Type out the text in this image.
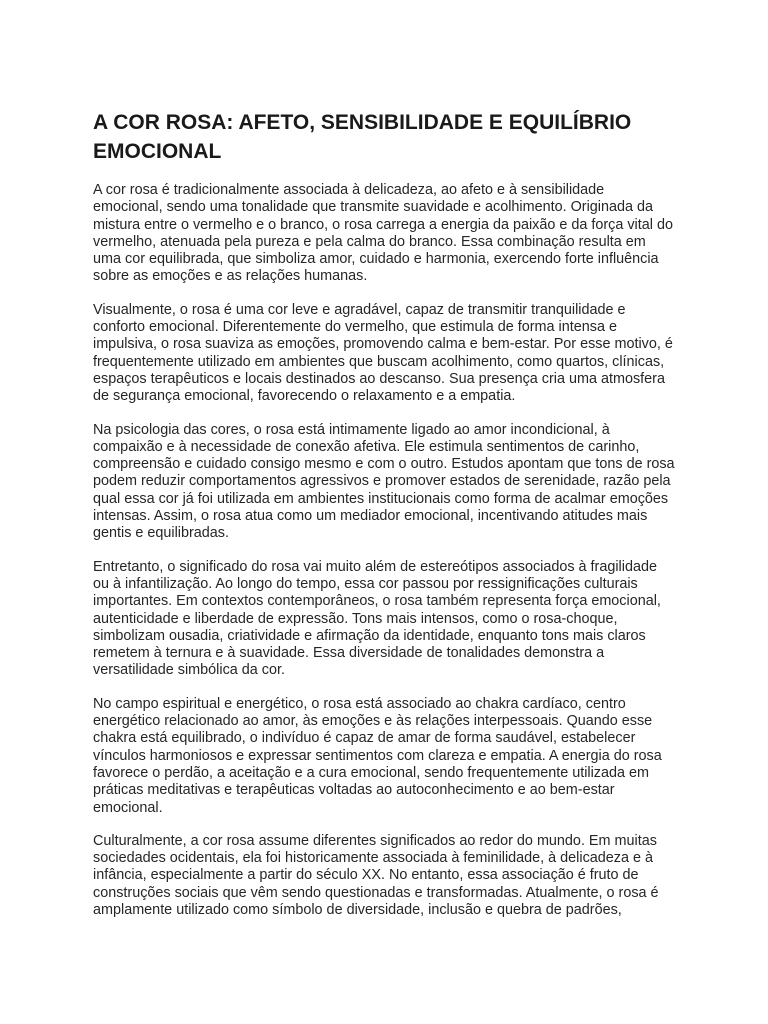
A COR ROSA: AFETO, SENSIBILIDADE E EQUILÍBRIO EMOCIONAL

A cor rosa é tradicionalmente associada à delicadeza, ao afeto e à sensibilidade emocional, sendo uma tonalidade que transmite suavidade e acolhimento. Originada da mistura entre o vermelho e o branco, o rosa carrega a energia da paixão e da força vital do vermelho, atenuada pela pureza e pela calma do branco. Essa combinação resulta em uma cor equilibrada, que simboliza amor, cuidado e harmonia, exercendo forte influência sobre as emoções e as relações humanas.

Visualmente, o rosa é uma cor leve e agradável, capaz de transmitir tranquilidade e conforto emocional. Diferentemente do vermelho, que estimula de forma intensa e impulsiva, o rosa suaviza as emoções, promovendo calma e bem-estar. Por esse motivo, é frequentemente utilizado em ambientes que buscam acolhimento, como quartos, clínicas, espaços terapêuticos e locais destinados ao descanso. Sua presença cria uma atmosfera de segurança emocional, favorecendo o relaxamento e a empatia.

Na psicologia das cores, o rosa está intimamente ligado ao amor incondicional, à compaixão e à necessidade de conexão afetiva. Ele estimula sentimentos de carinho, compreensão e cuidado consigo mesmo e com o outro. Estudos apontam que tons de rosa podem reduzir comportamentos agressivos e promover estados de serenidade, razão pela qual essa cor já foi utilizada em ambientes institucionais como forma de acalmar emoções intensas. Assim, o rosa atua como um mediador emocional, incentivando atitudes mais gentis e equilibradas.

Entretanto, o significado do rosa vai muito além de estereótipos associados à fragilidade ou à infantilização. Ao longo do tempo, essa cor passou por ressignificações culturais importantes. Em contextos contemporâneos, o rosa também representa força emocional, autenticidade e liberdade de expressão. Tons mais intensos, como o rosa-choque, simbolizam ousadia, criatividade e afirmação da identidade, enquanto tons mais claros remetem à ternura e à suavidade. Essa diversidade de tonalidades demonstra a versatilidade simbólica da cor.

No campo espiritual e energético, o rosa está associado ao chakra cardíaco, centro energético relacionado ao amor, às emoções e às relações interpessoais. Quando esse chakra está equilibrado, o indivíduo é capaz de amar de forma saudável, estabelecer vínculos harmoniosos e expressar sentimentos com clareza e empatia. A energia do rosa favorece o perdão, a aceitação e a cura emocional, sendo frequentemente utilizada em práticas meditativas e terapêuticas voltadas ao autoconhecimento e ao bem-estar emocional.

Culturalmente, a cor rosa assume diferentes significados ao redor do mundo. Em muitas sociedades ocidentais, ela foi historicamente associada à feminilidade, à delicadeza e à infância, especialmente a partir do século XX. No entanto, essa associação é fruto de construções sociais que vêm sendo questionadas e transformadas. Atualmente, o rosa é amplamente utilizado como símbolo de diversidade, inclusão e quebra de padrões,
